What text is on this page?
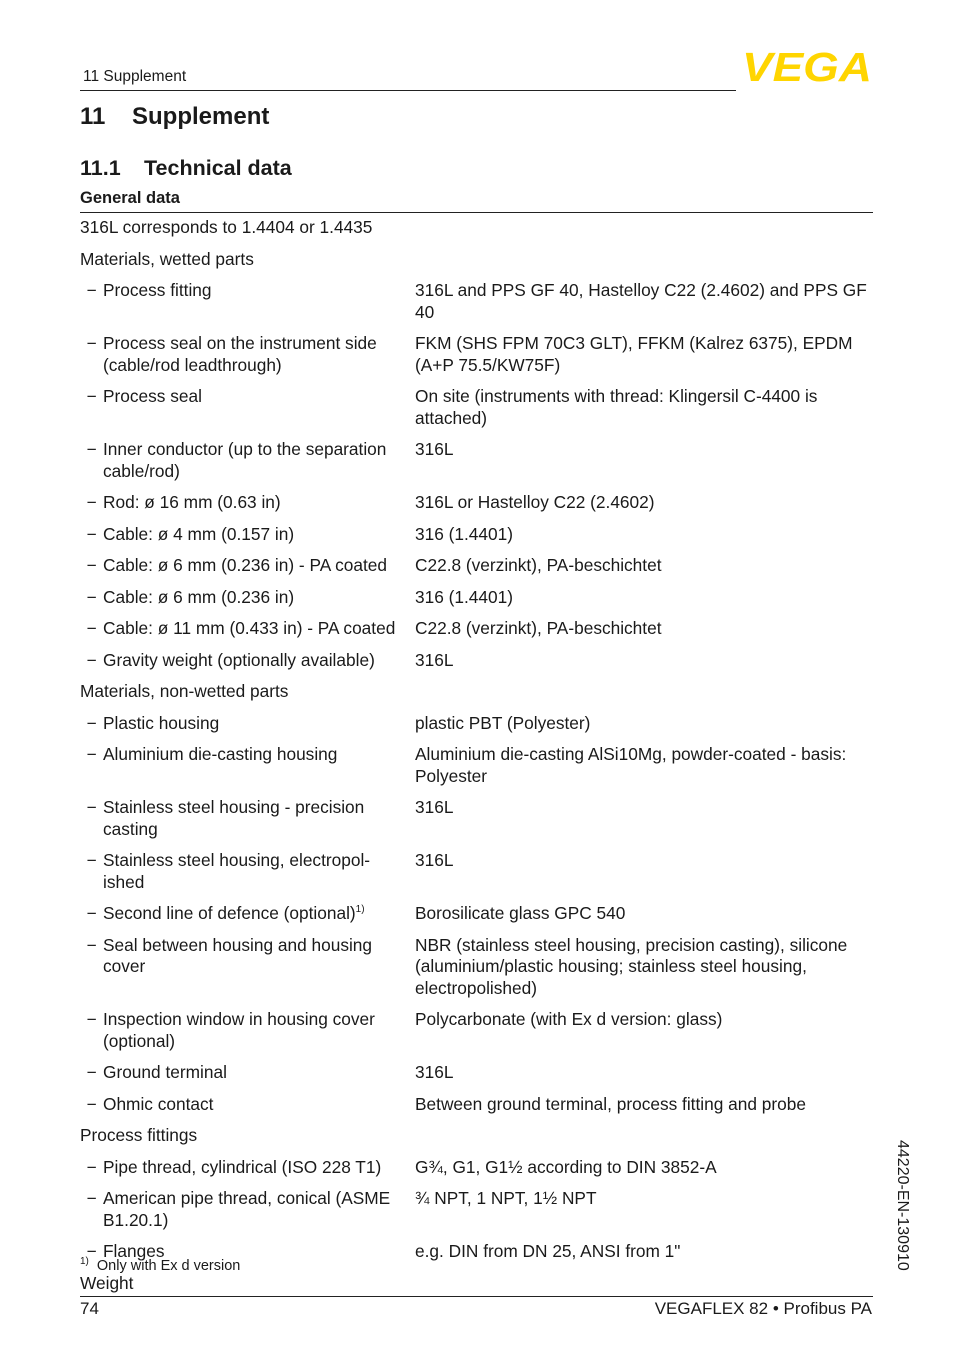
11 Supplement	VEGA
11 Supplement
11.1 Technical data
General data
316L corresponds to 1.4404 or 1.4435	
Materials, wetted parts	

− Process fitting	316L and PPS GF 40, Hastelloy C22 (2.4602) and PPS GF 40

− Process seal on the instrument side (cable/rod leadthrough)	FKM (SHS FPM 70C3 GLT), FFKM (Kalrez 6375), EPDM (A+P 75.5/KW75F)

− Process seal	On site (instruments with thread: Klingersil C-4400 is attached)

− Inner conductor (up to the separation cable/rod)	316L

− Rod: ø 16 mm (0.63 in)	316L or Hastelloy C22 (2.4602)

− Cable: ø 4 mm (0.157 in)	316 (1.4401)

− Cable: ø 6 mm (0.236 in) - PA coated	C22.8 (verzinkt), PA-beschichtet

− Cable: ø 6 mm (0.236 in)	316 (1.4401)

− Cable: ø 11 mm (0.433 in) - PA coated	C22.8 (verzinkt), PA-beschichtet

− Gravity weight (optionally available)	316L
Materials, non-wetted parts	

− Plastic housing	plastic PBT (Polyester)

− Aluminium die-casting housing	Aluminium die-casting AlSi10Mg, powder-coated - basis: Polyester

− Stainless steel housing - precision casting	316L

− Stainless steel housing, electropol-ished	316L

− Second line of defence (optional)$^{1)}$	Borosilicate glass GPC 540

− Seal between housing and housing cover	NBR (stainless steel housing, precision casting), silicone (aluminium/plastic housing; stainless steel housing, electropolished)

− Inspection window in housing cover (optional)	Polycarbonate (with Ex d version: glass)

− Ground terminal	316L

− Ohmic contact	Between ground terminal, process fitting and probe
Process fittings	

− Pipe thread, cylindrical (ISO 228 T1)	G¾, G1, G1½ according to DIN 3852-A

− American pipe thread, conical (ASME B1.20.1)	¾ NPT, 1 NPT, 1½ NPT

− Flanges	e.g. DIN from DN 25, ANSI from 1"
Weight	
$^{1)}$ Only with Ex d version
74	VEGAFLEX 82 • Profibus PA
44220-EN-130910
